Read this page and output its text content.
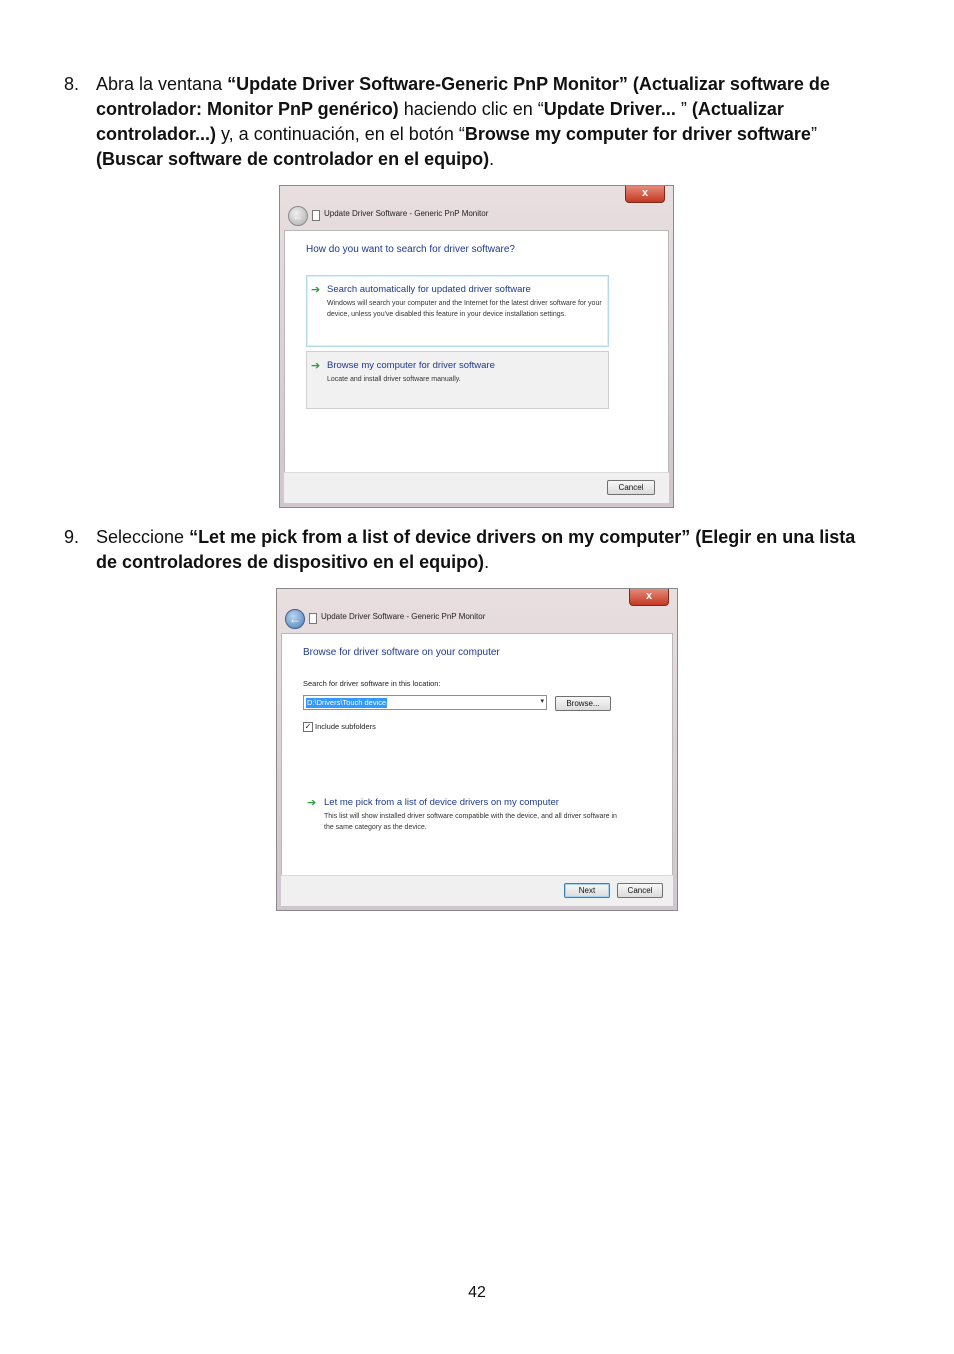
8. Abra la ventana “Update Driver Software-Generic PnP Monitor” (Actualizar software de controlador: Monitor PnP genérico) haciendo clic en “Update Driver... ” (Actualizar controlador...) y, a continuación, en el botón “Browse my computer for driver software” (Buscar software de controlador en el equipo).
x
←	Update Driver Software - Generic PnP Monitor
How do you want to search for driver software?
➔ Search automatically for updated driver software
Windows will search your computer and the Internet for the latest driver software for your device, unless you've disabled this feature in your device installation settings.
➔ Browse my computer for driver software
Locate and install driver software manually.
Cancel
9. Seleccione “Let me pick from a list of device drivers on my computer” (Elegir en una lista de controladores de dispositivo en el equipo).
x
←	Update Driver Software - Generic PnP Monitor
Browse for driver software on your computer
Search for driver software in this location:
D:\Drivers\Touch device	▾	Browse...
✓ Include subfolders
➔ Let me pick from a list of device drivers on my computer
This list will show installed driver software compatible with the device, and all driver software in the same category as the device.
Next	Cancel
42
